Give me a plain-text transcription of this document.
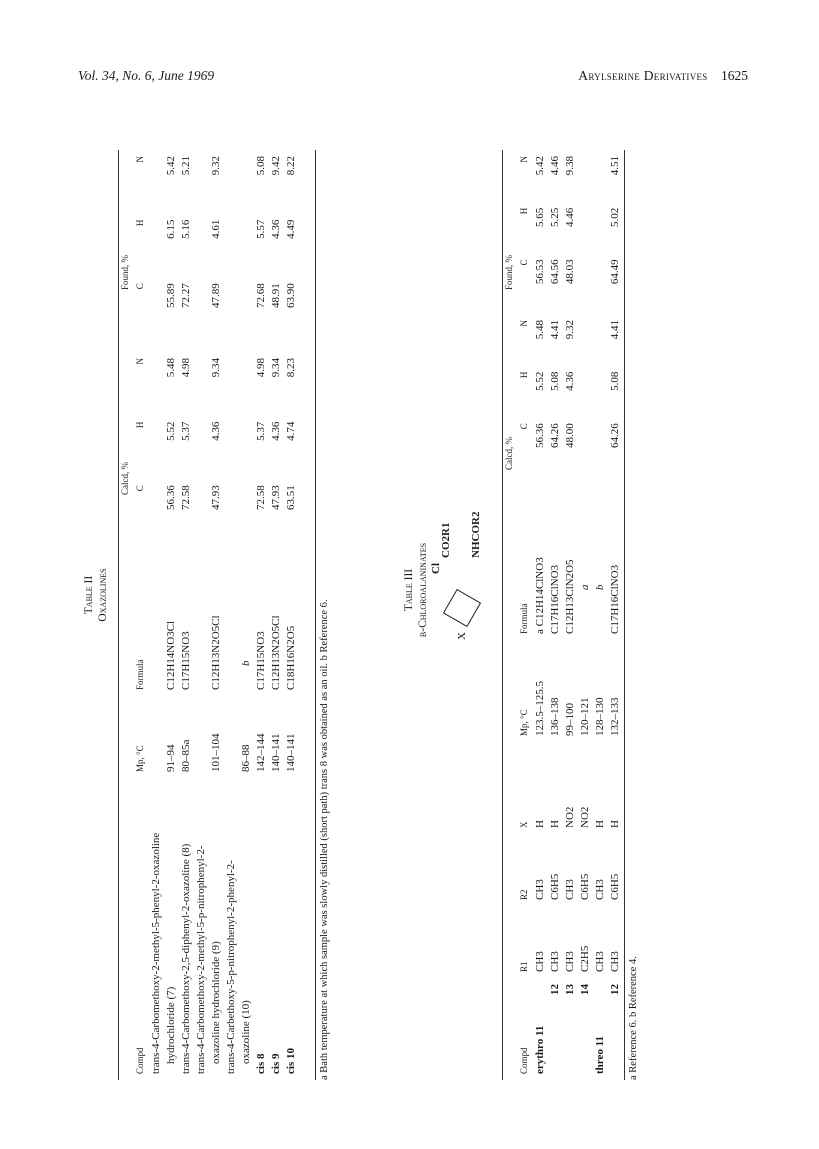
Vol. 34, No. 6, June 1969	Arylserine Derivatives 1625
Table II Oxazolines
Calcd, %
Found, %
Compd	Mp, °C	Formula	C	H	N	C	H	N
trans-4-Carbomethoxy-2-methyl-5-phenyl-2-oxazoline								
hydrochloride (7)	91–94	C12H14NO3Cl	56.36	5.52	5.48	55.89	6.15	5.42
trans-4-Carbomethoxy-2,5-diphenyl-2-oxazoline (8)	80–85a	C17H15NO3	72.58	5.37	4.98	72.27	5.16	5.21
trans-4-Carbomethoxy-2-methyl-5-p-nitrophenyl-2-								
oxazoline hydrochloride (9)	101–104	C12H13N2O5Cl	47.93	4.36	9.34	47.89	4.61	9.32
trans-4-Carbethoxy-5-p-nitrophenyl-2-phenyl-2-								
oxazoline (10)	86–88	b						
cis 8	142–144	C17H15NO3	72.58	5.37	4.98	72.68	5.57	5.08
cis 9	140–141	C12H13N2O5Cl	47.93	4.36	9.34	48.91	4.36	9.42
cis 10	140–141	C18H16N2O5	63.51	4.74	8.23	63.90	4.49	8.22
a Bath temperature at which sample was slowly distilled (short path) trans 8 was obtained as an oil. b Reference 6.
Table III β-Chloroalaninates X
Cl
CO2R1 NHCOR2
Calcd, %
Found, %
Compd	R1	R2	X	Mp, °C	Formula	C	H	N	C	H	N
erythro 11	CH3	CH3	H	123.5–125.5	a C12H14ClNO3	56.36	5.52	5.48	56.53	5.65	5.42
12	CH3	C6H5	H	136–138	C17H16ClNO3	64.26	5.08	4.41	64.56	5.25	4.46
13	CH3	CH3	NO2	99–100	C12H13ClN2O5	48.00	4.36	9.32	48.03	4.46	9.38
14	C2H5	C6H5	NO2	120–121	a						
threo 11	CH3	CH3	H	128–130	b						
12	CH3	C6H5	H	132–133	C17H16ClNO3	64.26	5.08	4.41	64.49	5.02	4.51
a Reference 6. b Reference 4.
